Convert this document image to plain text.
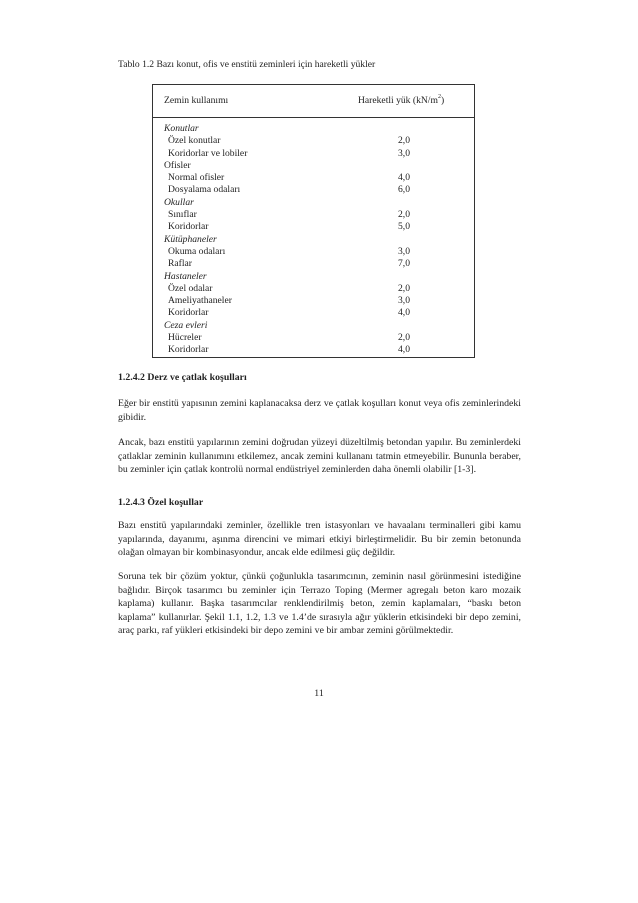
Tablo 1.2 Bazı konut, ofis ve enstitü zeminleri için hareketli yükler

Zemin kullanımı	Hareketli yük $(kN/m^2)$
Konutlar
Özel konutlar	2,0
Koridorlar ve lobiler	3,0
Ofisler
Normal ofisler	4,0
Dosyalama odaları	6,0
Okullar
Sınıflar	2,0
Koridorlar	5,0
Kütüphaneler
Okuma odaları	3,0
Raflar	7,0
Hastaneler
Özel odalar	2,0
Ameliyathaneler	3,0
Koridorlar	4,0
Ceza evleri
Hücreler	2,0
Koridorlar	4,0
1.2.4.2 Derz ve çatlak koşulları

Eğer bir enstitü yapısının zemini kaplanacaksa derz ve çatlak koşulları konut veya ofis zeminlerindeki gibidir.

Ancak, bazı enstitü yapılarının zemini doğrudan yüzeyi düzeltilmiş betondan yapılır. Bu zeminlerdeki çatlaklar zeminin kullanımını etkilemez, ancak zemini kullananı tatmin etmeyebilir. Bununla beraber, bu zeminler için çatlak kontrolü normal endüstriyel zeminlerden daha önemli olabilir [1-3].

1.2.4.3 Özel koşullar

Bazı enstitü yapılarındaki zeminler, özellikle tren istasyonları ve havaalanı terminalleri gibi kamu yapılarında, dayanımı, aşınma direncini ve mimari etkiyi birleştirmelidir. Bu bir zemin betonunda olağan olmayan bir kombinasyondur, ancak elde edilmesi güç değildir.

Soruna tek bir çözüm yoktur, çünkü çoğunlukla tasarımcının, zeminin nasıl görünmesini istediğine bağlıdır. Birçok tasarımcı bu zeminler için Terrazo Toping (Mermer agregalı beton karo mozaik kaplama) kullanır. Başka tasarımcılar renklendirilmiş beton, zemin kaplamaları, “baskı beton kaplama” kullanırlar. Şekil 1.1, 1.2, 1.3 ve 1.4’de sırasıyla ağır yüklerin etkisindeki bir depo zemini, araç parkı, raf yükleri etkisindeki bir depo zemini ve bir ambar zemini görülmektedir.

11
